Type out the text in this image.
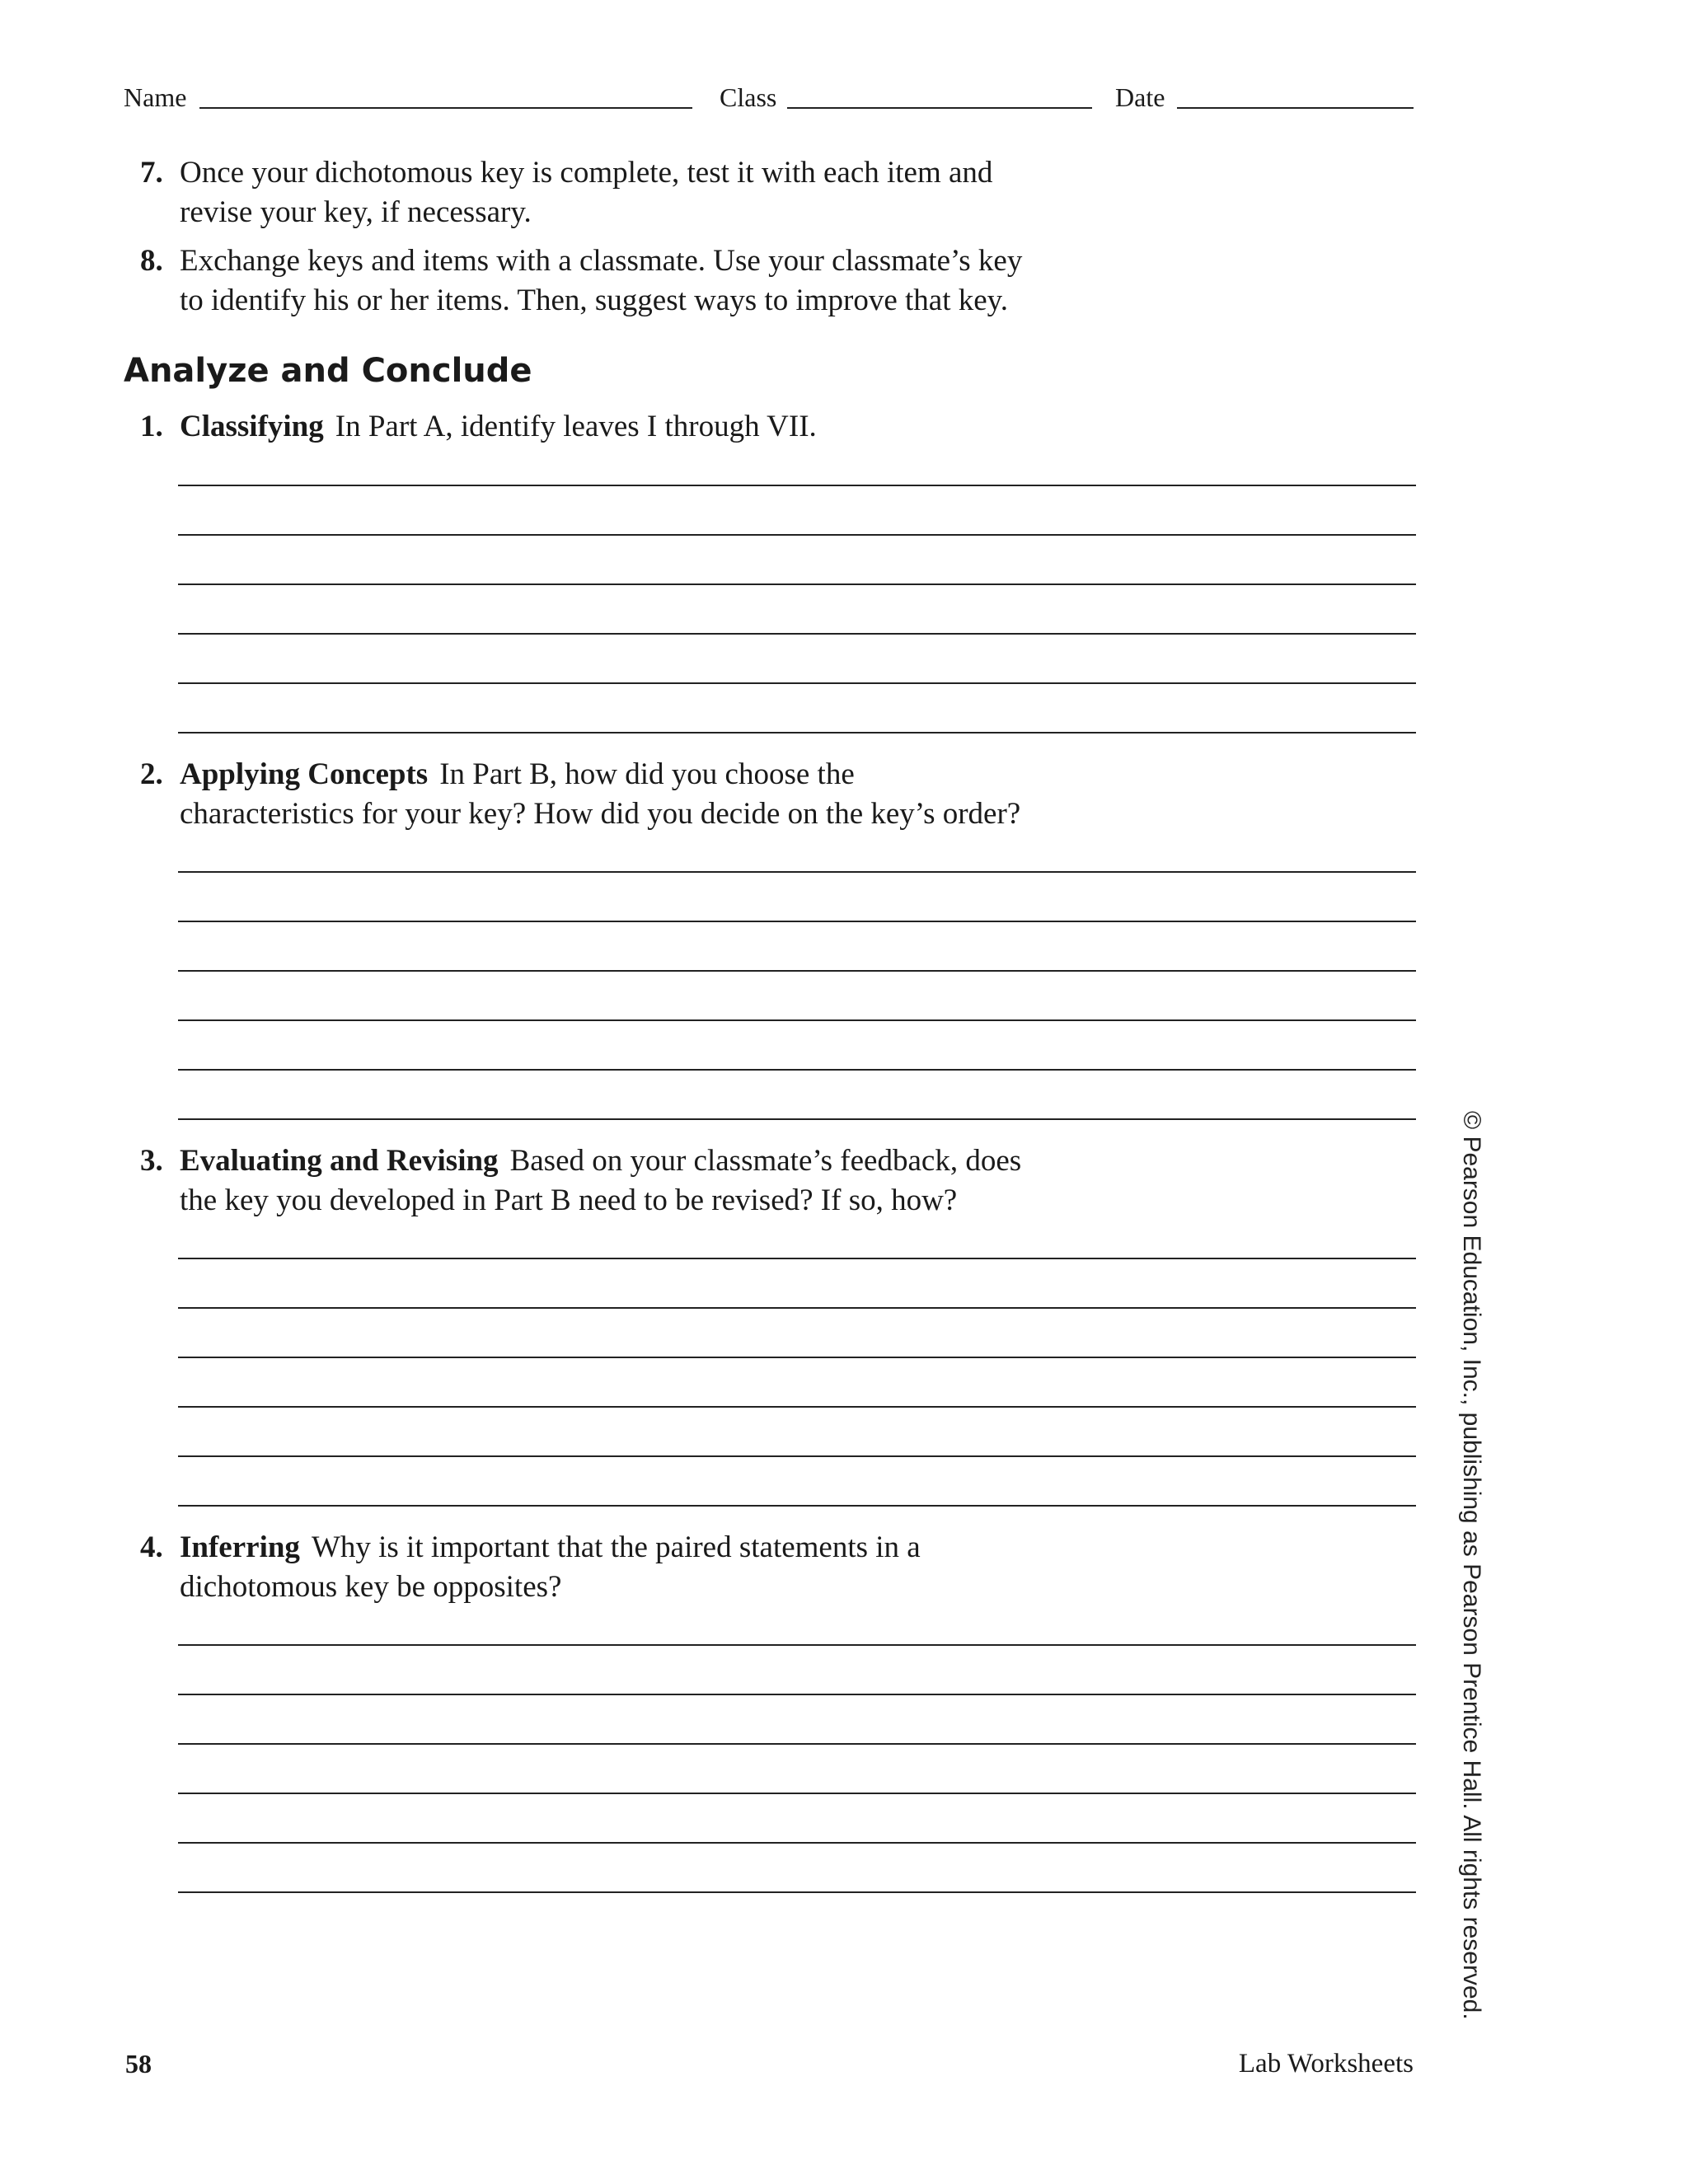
Name	Class	Date
7. Once your dichotomous key is complete, test it with each item and
revise your key, if necessary.
8. Exchange keys and items with a classmate. Use your classmate’s key
to identify his or her items. Then, suggest ways to improve that key.
Analyze and Conclude
1. Classifying In Part A, identify leaves I through VII.
2. Applying Concepts In Part B, how did you choose the
characteristics for your key? How did you decide on the key’s order?
3. Evaluating and Revising Based on your classmate’s feedback, does
the key you developed in Part B need to be revised? If so, how?
4. Inferring Why is it important that the paired statements in a
dichotomous key be opposites?	© Pearson Education, Inc., publishing as Pearson Prentice Hall. All rights reserved.
58	Lab Worksheets
